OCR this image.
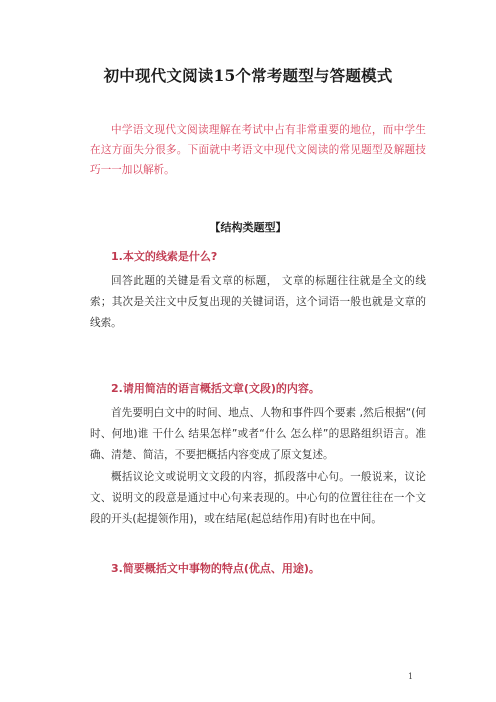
初中现代文阅读15个常考题型与答题模式

中学语文现代文阅读理解在考试中占有非常重要的地位，而中学生在这方面失分很多。下面就中考语文中现代文阅读的常见题型及解题技巧一一加以解析。

【结构类题型】

1.本文的线索是什么?

回答此题的关键是看文章的标题， 文章的标题往往就是全文的线索；其次是关注文中反复出现的关键词语，这个词语一般也就是文章的线索。

2.请用简洁的语言概括文章(文段)的内容。

首先要明白文中的时间、地点、人物和事件四个要素 ,然后根据“(何时、何地)谁 干什么 结果怎样”或者“什么 怎么样”的思路组织语言。准确、清楚、简洁，不要把概括内容变成了原文复述。

概括议论文或说明文文段的内容，抓段落中心句。一般说来，议论文、说明文的段意是通过中心句来表现的。中心句的位置往往在一个文段的开头(起提领作用)，或在结尾(起总结作用)有时也在中间。

3.简要概括文中事物的特点(优点、用途)。

1
